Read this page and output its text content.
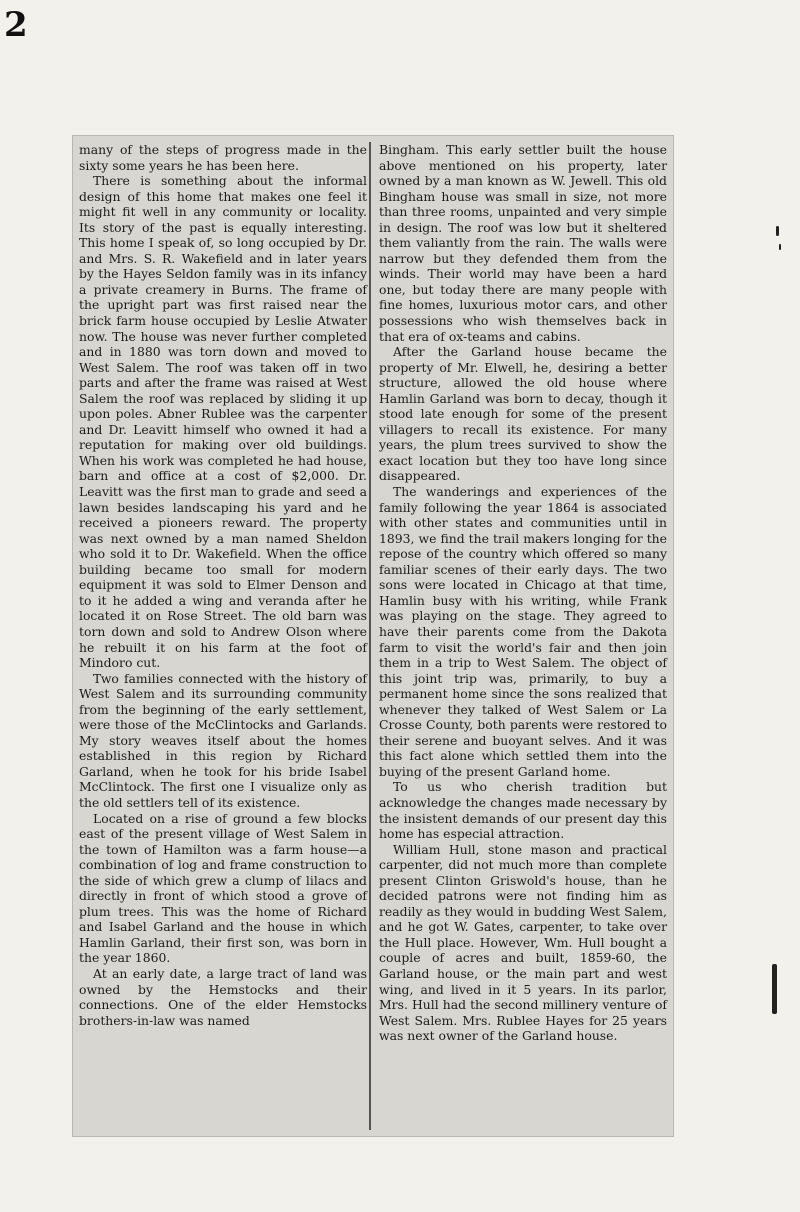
2

many of the steps of progress made in the sixty some years he has been here.

There is something about the informal design of this home that makes one feel it might fit well in any community or locality. Its story of the past is equally interesting. This home I speak of, so long occupied by Dr. and Mrs. S. R. Wakefield and in later years by the Hayes Seldon family was in its infancy a private creamery in Burns. The frame of the upright part was first raised near the brick farm house occupied by Leslie Atwater now. The house was never further completed and in 1880 was torn down and moved to West Salem. The roof was taken off in two parts and after the frame was raised at West Salem the roof was replaced by sliding it up upon poles. Abner Rublee was the carpenter and Dr. Leavitt himself who owned it had a reputation for making over old buildings. When his work was completed he had house, barn and office at a cost of $2,000. Dr. Leavitt was the first man to grade and seed a lawn besides landscaping his yard and he received a pioneers reward. The property was next owned by a man named Sheldon who sold it to Dr. Wakefield. When the office building became too small for modern equipment it was sold to Elmer Denson and to it he added a wing and veranda after he located it on Rose Street. The old barn was torn down and sold to Andrew Olson where he rebuilt it on his farm at the foot of Mindoro cut.

Two families connected with the history of West Salem and its surrounding community from the beginning of the early settlement, were those of the McClintocks and Garlands. My story weaves itself about the homes established in this region by Richard Garland, when he took for his bride Isabel McClintock. The first one I visualize only as the old settlers tell of its existence.

Located on a rise of ground a few blocks east of the present village of West Salem in the town of Hamilton was a farm house—a combination of log and frame construction to the side of which grew a clump of lilacs and directly in front of which stood a grove of plum trees. This was the home of Richard and Isabel Garland and the house in which Hamlin Garland, their first son, was born in the year 1860.

At an early date, a large tract of land was owned by the Hemstocks and their connections. One of the elder Hemstocks brothers-in-law was named

Bingham. This early settler built the house above mentioned on his property, later owned by a man known as W. Jewell. This old Bingham house was small in size, not more than three rooms, unpainted and very simple in design. The roof was low but it sheltered them valiantly from the rain. The walls were narrow but they defended them from the winds. Their world may have been a hard one, but today there are many people with fine homes, luxurious motor cars, and other possessions who wish themselves back in that era of ox-teams and cabins.

After the Garland house became the property of Mr. Elwell, he, desiring a better structure, allowed the old house where Hamlin Garland was born to decay, though it stood late enough for some of the present villagers to recall its existence. For many years, the plum trees survived to show the exact location but they too have long since disappeared.

The wanderings and experiences of the family following the year 1864 is associated with other states and communities until in 1893, we find the trail makers longing for the repose of the country which offered so many familiar scenes of their early days. The two sons were located in Chicago at that time, Hamlin busy with his writing, while Frank was playing on the stage. They agreed to have their parents come from the Dakota farm to visit the world's fair and then join them in a trip to West Salem. The object of this joint trip was, primarily, to buy a permanent home since the sons realized that whenever they talked of West Salem or La Crosse County, both parents were restored to their serene and buoyant selves. And it was this fact alone which settled them into the buying of the present Garland home.

To us who cherish tradition but acknowledge the changes made necessary by the insistent demands of our present day this home has especial attraction.

William Hull, stone mason and practical carpenter, did not much more than complete present Clinton Griswold's house, than he decided patrons were not finding him as readily as they would in budding West Salem, and he got W. Gates, carpenter, to take over the Hull place. However, Wm. Hull bought a couple of acres and built, 1859-60, the Garland house, or the main part and west wing, and lived in it 5 years. In its parlor, Mrs. Hull had the second millinery venture of West Salem. Mrs. Rublee Hayes for 25 years was next owner of the Garland house.
